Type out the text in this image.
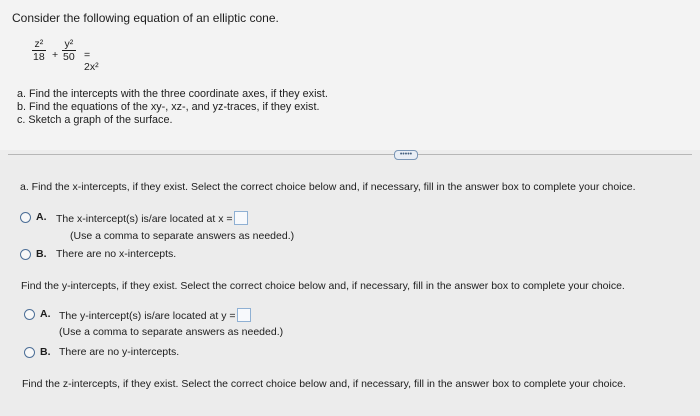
Consider the following equation of an elliptic cone.
$\frac{\text{z²}}{18} + \frac{\text{y²}}{50} = 2x^2$
a. Find the intercepts with the three coordinate axes, if they exist.
b. Find the equations of the xy-, xz-, and yz-traces, if they exist.
c. Sketch a graph of the surface.
•••••
a. Find the x-intercepts, if they exist. Select the correct choice below and, if necessary, fill in the answer box to complete your choice.
A. The x-intercept(s) is/are located at x =
(Use a comma to separate answers as needed.)
B. There are no x-intercepts.
Find the y-intercepts, if they exist. Select the correct choice below and, if necessary, fill in the answer box to complete your choice.
A. The y-intercept(s) is/are located at y =
(Use a comma to separate answers as needed.)
B. There are no y-intercepts.
Find the z-intercepts, if they exist. Select the correct choice below and, if necessary, fill in the answer box to complete your choice.
